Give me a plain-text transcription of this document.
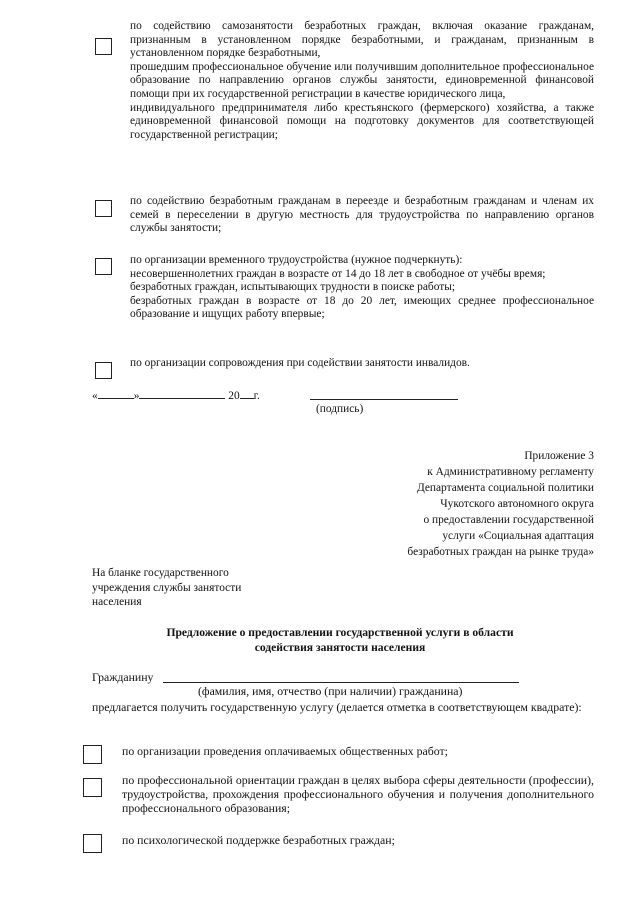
по содействию самозанятости безработных граждан, включая оказание гражданам, признанным в установленном порядке безработными, и гражданам, признанным в установленном порядке безработными,

прошедшим профессиональное обучение или получившим дополнительное профессиональное образование по направлению органов службы занятости, единовременной финансовой помощи при их государственной регистрации в качестве юридического лица,

индивидуального предпринимателя либо крестьянского (фермерского) хозяйства, а также единовременной финансовой помощи на подготовку документов для соответствующей государственной регистрации;

по содействию безработным гражданам в переезде и безработным гражданам и членам их семей в переселении в другую местность для трудоустройства по направлению органов службы занятости;

по организации временного трудоустройства (нужное подчеркнуть):

несовершеннолетних граждан в возрасте от 14 до 18 лет в свободное от учёбы время;

безработных граждан, испытывающих трудности в поиске работы;

безработных граждан в возрасте от 18 до 20 лет, имеющих среднее профессиональное образование и ищущих работу впервые;

по организации сопровождения при содействии занятости инвалидов.

«	»	20 г.
(подпись)
Приложение 3
к Административному регламенту
Департамента социальной политики
Чукотского автономного округа
о предоставлении государственной
услуги «Социальная адаптация
безработных граждан на рынке труда»
На бланке государственного
учреждения службы занятости
населения
Предложение о предоставлении государственной услуги в области
содействия занятости населения
Гражданину
(фамилия, имя, отчество (при наличии) гражданина)
предлагается получить государственную услугу (делается отметка в соответствующем квадрате):
по организации проведения оплачиваемых общественных работ;
по профессиональной ориентации граждан в целях выбора сферы деятельности (профессии), трудоустройства, прохождения профессионального обучения и получения дополнительного профессионального образования;
по психологической поддержке безработных граждан;
